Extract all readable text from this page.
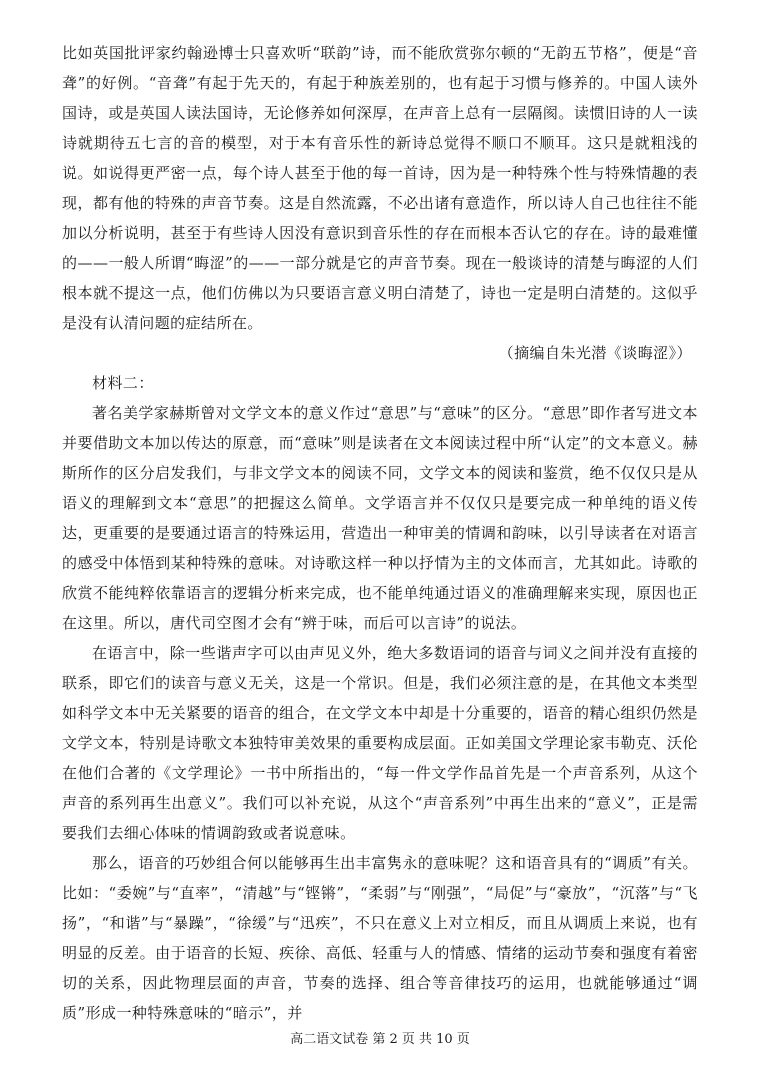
比如英国批评家约翰逊博士只喜欢听“联韵”诗，而不能欣赏弥尔顿的“无韵五节格”，便是“音聋”的好例。“音聋”有起于先天的，有起于种族差别的，也有起于习惯与修养的。中国人读外国诗，或是英国人读法国诗，无论修养如何深厚，在声音上总有一层隔阂。读惯旧诗的人一读诗就期待五七言的音的模型，对于本有音乐性的新诗总觉得不顺口不顺耳。这只是就粗浅的说。如说得更严密一点，每个诗人甚至于他的每一首诗，因为是一种特殊个性与特殊情趣的表现，都有他的特殊的声音节奏。这是自然流露，不必出诸有意造作，所以诗人自己也往往不能加以分析说明，甚至于有些诗人因没有意识到音乐性的存在而根本否认它的存在。诗的最难懂的——一般人所谓“晦涩”的——一部分就是它的声音节奏。现在一般谈诗的清楚与晦涩的人们根本就不提这一点，他们仿佛以为只要语言意义明白清楚了，诗也一定是明白清楚的。这似乎是没有认清问题的症结所在。

（摘编自朱光潜《谈晦涩》）

材料二：

著名美学家赫斯曾对文学文本的意义作过“意思”与“意味”的区分。“意思”即作者写进文本并要借助文本加以传达的原意，而“意味”则是读者在文本阅读过程中所“认定”的文本意义。赫斯所作的区分启发我们，与非文学文本的阅读不同，文学文本的阅读和鉴赏，绝不仅仅只是从语义的理解到文本“意思”的把握这么简单。文学语言并不仅仅只是要完成一种单纯的语义传达，更重要的是要通过语言的特殊运用，营造出一种审美的情调和韵味，以引导读者在对语言的感受中体悟到某种特殊的意味。对诗歌这样一种以抒情为主的文体而言，尤其如此。诗歌的欣赏不能纯粹依靠语言的逻辑分析来完成，也不能单纯通过语义的准确理解来实现，原因也正在这里。所以，唐代司空图才会有“辨于味，而后可以言诗”的说法。

在语言中，除一些谐声字可以由声见义外，绝大多数语词的语音与词义之间并没有直接的联系，即它们的读音与意义无关，这是一个常识。但是，我们必须注意的是，在其他文本类型如科学文本中无关紧要的语音的组合，在文学文本中却是十分重要的，语音的精心组织仍然是文学文本，特别是诗歌文本独特审美效果的重要构成层面。正如美国文学理论家韦勒克、沃伦在他们合著的《文学理论》一书中所指出的，“每一件文学作品首先是一个声音系列，从这个声音的系列再生出意义”。我们可以补充说，从这个“声音系列”中再生出来的“意义”，正是需要我们去细心体味的情调韵致或者说意味。

那么，语音的巧妙组合何以能够再生出丰富隽永的意味呢？这和语音具有的“调质”有关。比如：“委婉”与“直率”，“清越”与“铿锵”，“柔弱”与“刚强”，“局促”与“豪放”，“沉落”与“飞扬”，“和谐”与“暴躁”，“徐缓”与“迅疾”，不只在意义上对立相反，而且从调质上来说，也有明显的反差。由于语音的长短、疾徐、高低、轻重与人的情感、情绪的运动节奏和强度有着密切的关系，因此物理层面的声音，节奏的选择、组合等音律技巧的运用，也就能够通过“调质”形成一种特殊意味的“暗示”，并

高二语文试卷 第 2 页 共 10 页
